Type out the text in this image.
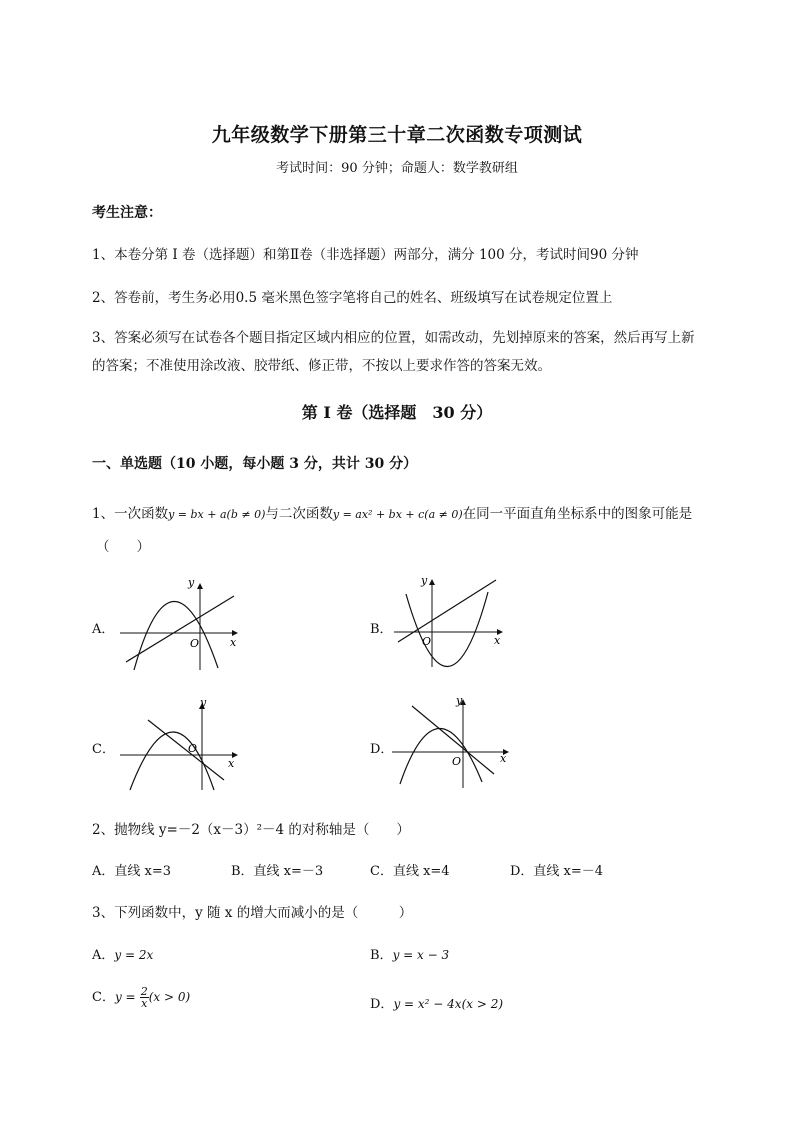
九年级数学下册第三十章二次函数专项测试
考试时间：90 分钟；命题人：数学教研组
考生注意：
1、本卷分第 I 卷（选择题）和第Ⅱ卷（非选择题）两部分，满分 100 分，考试时间90 分钟
2、答卷前，考生务必用0.5 毫米黑色签字笔将自己的姓名、班级填写在试卷规定位置上
3、答案必须写在试卷各个题目指定区域内相应的位置，如需改动，先划掉原来的答案，然后再写上新
的答案；不准使用涂改液、胶带纸、修正带，不按以上要求作答的答案无效。
第 I 卷（选择题　30 分）
一、单选题（10 小题，每小题 3 分，共计 30 分）
1、一次函数y = bx + a(b ≠ 0)与二次函数y = ax² + bx + c(a ≠ 0)在同一平面直角坐标系中的图象可能是
（　　）
A．	B．
C．	D．
y
x
O
y
x
O
y
x
O
y
x
O
2、抛物线 y=－2（x－3）²－4 的对称轴是（　　）
A．直线 x=3	B．直线 x=－3	C．直线 x=4	D．直线 x=－4
3、下列函数中，y 随 x 的增大而减小的是（　　　）
A．y = 2x	B．y = x − 3
C．$y = \frac{2}{x} (x > 0)$	D．y = x² − 4x(x > 2)
